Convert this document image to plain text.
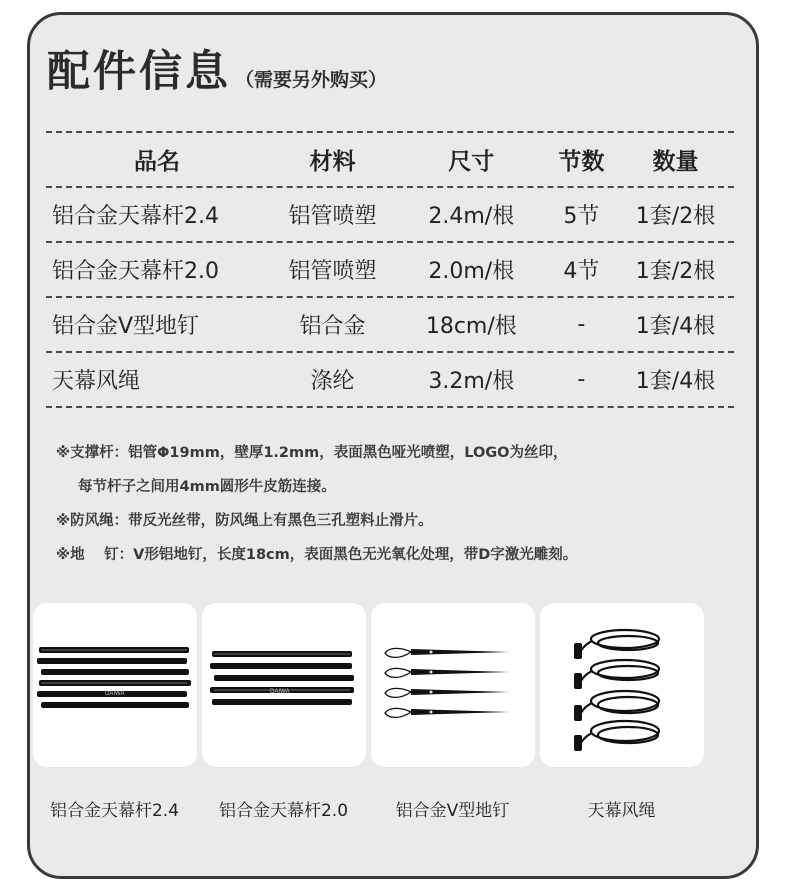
配件信息 （需要另外购买）
品名	材料	尺寸	节数	数量
铝合金天幕杆2.4	铝管喷塑	2.4m/根	5节	1套/2根
铝合金天幕杆2.0	铝管喷塑	2.0m/根	4节	1套/2根
铝合金V型地钉	铝合金	18cm/根	-	1套/4根
天幕风绳	涤纶	3.2m/根	-	1套/4根
※支撑杆：铝管Φ19mm，壁厚1.2mm，表面黑色哑光喷塑，LOGO为丝印，
每节杆子之间用4mm圆形牛皮筋连接。
※防风绳：带反光丝带，防风绳上有黑色三孔塑料止滑片。
※地　 钉：V形铝地钉，长度18cm，表面黑色无光氧化处理，带D字激光雕刻。
DAIWA	DAIWA
铝合金天幕杆2.4	铝合金天幕杆2.0	铝合金V型地钉	天幕风绳
